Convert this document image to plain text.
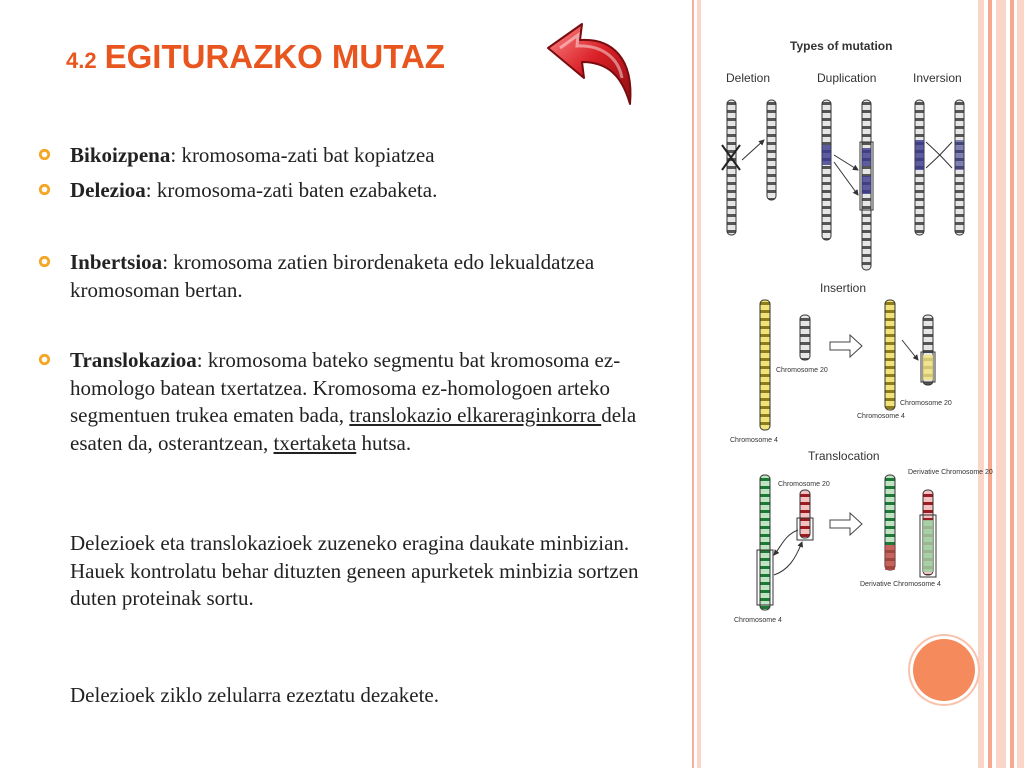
4.2 EGITURAZKO MUTAZ
Bikoizpena: kromosoma-zati bat kopiatzea
Delezioa: kromosoma-zati baten ezabaketa.
Inbertsioa: kromosoma zatien birordenaketa edo lekualdatzea kromosoman bertan.
Translokazioa: kromosoma bateko segmentu bat kromosoma ez-homologo batean txertatzea. Kromosoma ez-homologoen arteko segmentuen trukea ematen bada, translokazio elkareraginkorra dela esaten da, osterantzean, txertaketa hutsa.
Delezioek eta translokazioek zuzeneko eragina daukate minbizian. Hauek kontrolatu behar dituzten geneen apurketek minbizia sortzen duten proteinak sortu.
Delezioek ziklo zelularra ezeztatu dezakete.
Types of mutation
Deletion	Duplication	Inversion
Insertion
Chromosome 20
Chromosome 4
Chromosome 20
Chromosome 4
Translocation
Chromosome 20
Chromosome 4
Derivative Chromosome 4
Derivative Chromosome 20
